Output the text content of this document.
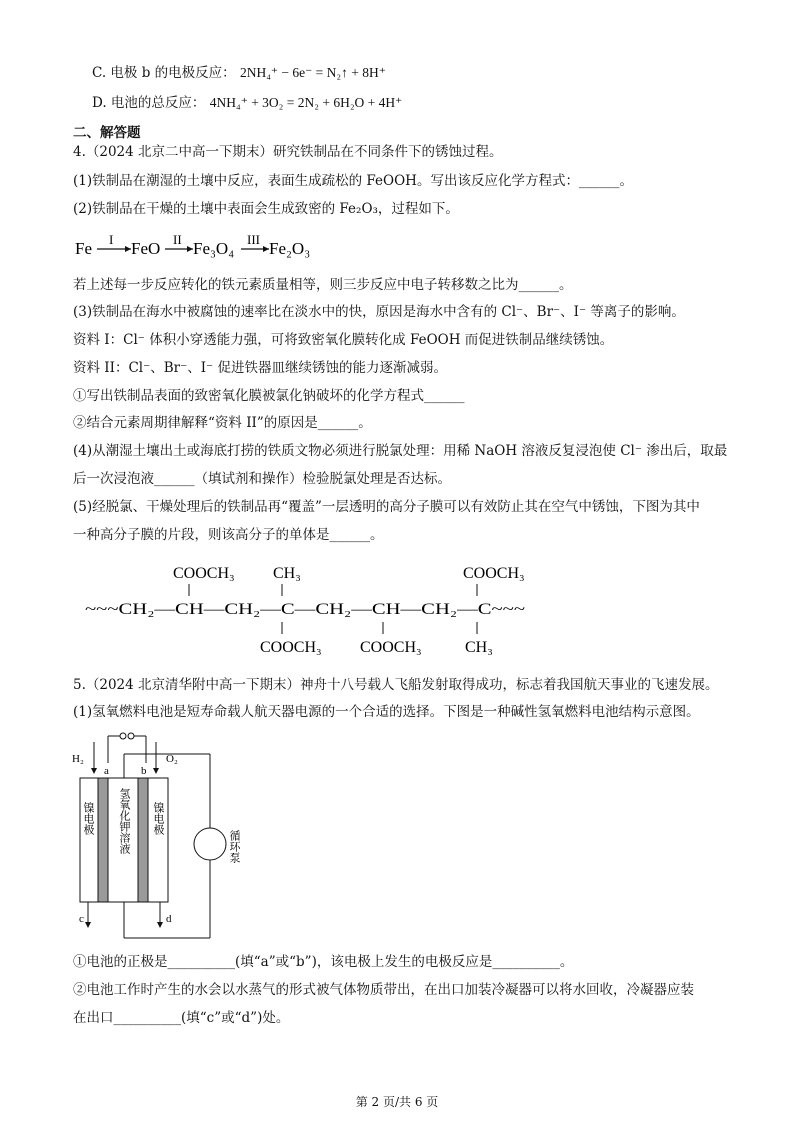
C. 电极 b 的电极反应： 2NH₄⁺ − 6e⁻ = N₂↑ + 8H⁺
D. 电池的总反应： 4NH₄⁺ + 3O₂ = 2N₂ + 6H₂O + 4H⁺
二、解答题
4.（2024 北京二中高一下期末）研究铁制品在不同条件下的锈蚀过程。
(1)铁制品在潮湿的土壤中反应，表面生成疏松的 FeOOH。写出该反应化学方程式：______。
(2)铁制品在干燥的土壤中表面会生成致密的 Fe₂O₃，过程如下。
Fe I FeO II Fe₃O₄ III Fe₂O₃
若上述每一步反应转化的铁元素质量相等，则三步反应中电子转移数之比为______。
(3)铁制品在海水中被腐蚀的速率比在淡水中的快，原因是海水中含有的 Cl⁻、Br⁻、I⁻ 等离子的影响。
资料 I：Cl⁻ 体积小穿透能力强，可将致密氧化膜转化成 FeOOH 而促进铁制品继续锈蚀。
资料 II：Cl⁻、Br⁻、I⁻ 促进铁器皿继续锈蚀的能力逐渐减弱。
①写出铁制品表面的致密氧化膜被氯化钠破坏的化学方程式______
②结合元素周期律解释“资料 II”的原因是______。
(4)从潮湿土壤出土或海底打捞的铁质文物必须进行脱氯处理：用稀 NaOH 溶液反复浸泡使 Cl⁻ 渗出后，取最
后一次浸泡液______（填试剂和操作）检验脱氯处理是否达标。
(5)经脱氯、干燥处理后的铁制品再“覆盖”一层透明的高分子膜可以有效防止其在空气中锈蚀，下图为其中
一种高分子膜的片段，则该高分子的单体是______。
COOCH₃ CH₃	COOCH₃
~~~CH₂—CH—CH₂—C—CH₂—CH—CH₂—C~~~
COOCH₃ COOCH₃	CH₃
5.（2024 北京清华附中高一下期末）神舟十八号载人飞船发射取得成功，标志着我国航天事业的飞速发展。
(1)氢氧燃料电池是短寿命载人航天器电源的一个合适的选择。下图是一种碱性氢氧燃料电池结构示意图。
H₂	O₂
a	b
镍电极 氢氧化钾溶液 镍电极
c	d
循环泵
①电池的正极是__________(填“a”或“b”)，该电极上发生的电极反应是__________。
②电池工作时产生的水会以水蒸气的形式被气体物质带出，在出口加装冷凝器可以将水回收，冷凝器应装
在出口__________(填“c”或“d”)处。
第 2 页/共 6 页
